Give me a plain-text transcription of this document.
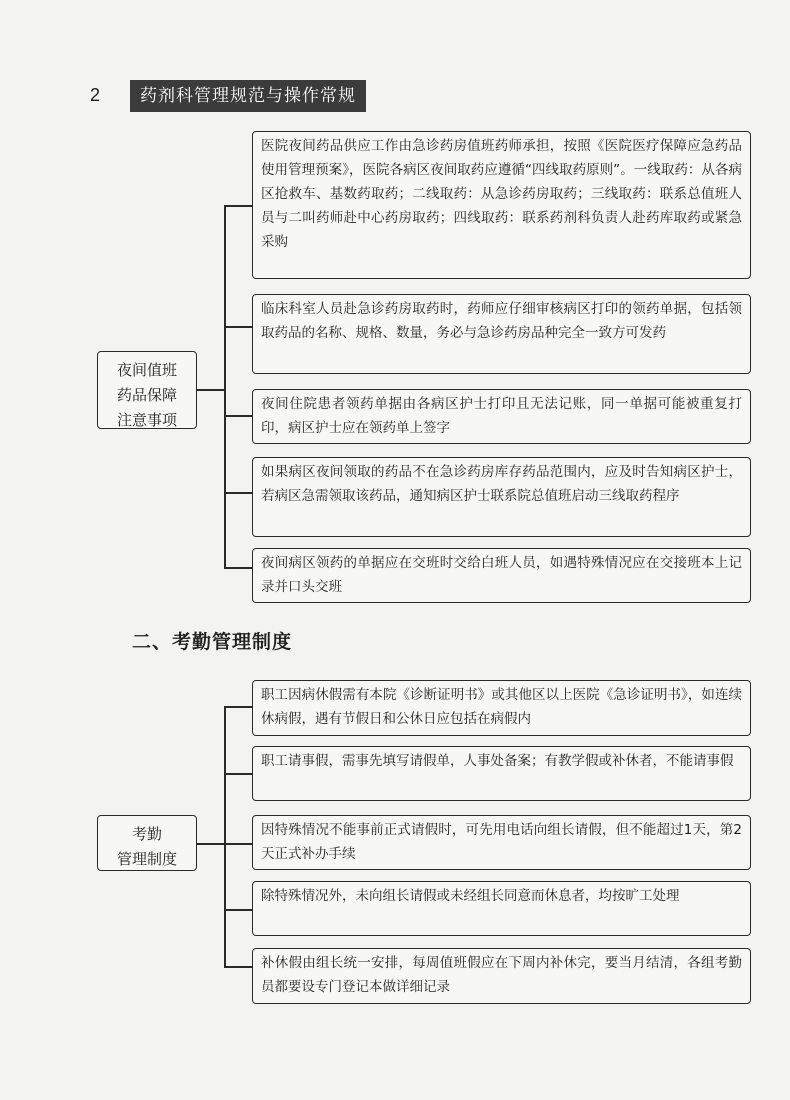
2	药剂科管理规范与操作常规
夜间值班
药品保障
注意事项
医院夜间药品供应工作由急诊药房值班药师承担，按照《医院医疗保障应急药品使用管理预案》，医院各病区夜间取药应遵循“四线取药原则”。一线取药：从各病区抢救车、基数药取药；二线取药：从急诊药房取药；三线取药：联系总值班人员与二叫药师赴中心药房取药；四线取药：联系药剂科负责人赴药库取药或紧急采购
临床科室人员赴急诊药房取药时，药师应仔细审核病区打印的领药单据，包括领取药品的名称、规格、数量，务必与急诊药房品种完全一致方可发药
夜间住院患者领药单据由各病区护士打印且无法记账，同一单据可能被重复打印，病区护士应在领药单上签字
如果病区夜间领取的药品不在急诊药房库存药品范围内，应及时告知病区护士，若病区急需领取该药品，通知病区护士联系院总值班启动三线取药程序
夜间病区领药的单据应在交班时交给白班人员，如遇特殊情况应在交接班本上记录并口头交班
二、考勤管理制度
考勤
管理制度
职工因病休假需有本院《诊断证明书》或其他区以上医院《急诊证明书》，如连续休病假，遇有节假日和公休日应包括在病假内
职工请事假，需事先填写请假单，人事处备案；有教学假或补休者，不能请事假
因特殊情况不能事前正式请假时，可先用电话向组长请假，但不能超过1天，第2天正式补办手续
除特殊情况外，未向组长请假或未经组长同意而休息者，均按旷工处理
补休假由组长统一安排，每周值班假应在下周内补休完，要当月结清，各组考勤员都要设专门登记本做详细记录
